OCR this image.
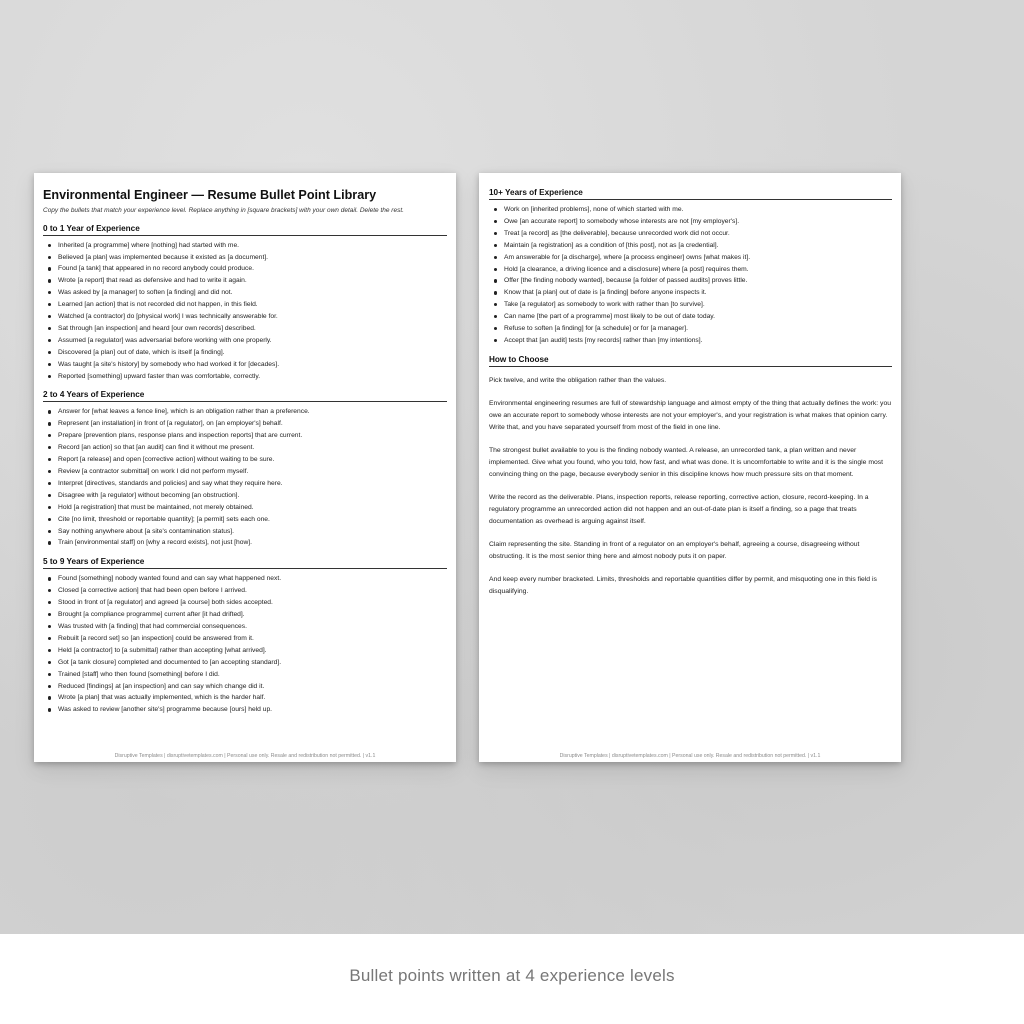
Environmental Engineer — Resume Bullet Point Library
Copy the bullets that match your experience level. Replace anything in [square brackets] with your own detail. Delete the rest.
0 to 1 Year of Experience
Inherited [a programme] where [nothing] had started with me.
Believed [a plan] was implemented because it existed as [a document].
Found [a tank] that appeared in no record anybody could produce.
Wrote [a report] that read as defensive and had to write it again.
Was asked by [a manager] to soften [a finding] and did not.
Learned [an action] that is not recorded did not happen, in this field.
Watched [a contractor] do [physical work] I was technically answerable for.
Sat through [an inspection] and heard [our own records] described.
Assumed [a regulator] was adversarial before working with one properly.
Discovered [a plan] out of date, which is itself [a finding].
Was taught [a site's history] by somebody who had worked it for [decades].
Reported [something] upward faster than was comfortable, correctly.
2 to 4 Years of Experience
Answer for [what leaves a fence line], which is an obligation rather than a preference.
Represent [an installation] in front of [a regulator], on [an employer's] behalf.
Prepare [prevention plans, response plans and inspection reports] that are current.
Record [an action] so that [an audit] can find it without me present.
Report [a release] and open [corrective action] without waiting to be sure.
Review [a contractor submittal] on work I did not perform myself.
Interpret [directives, standards and policies] and say what they require here.
Disagree with [a regulator] without becoming [an obstruction].
Hold [a registration] that must be maintained, not merely obtained.
Cite [no limit, threshold or reportable quantity]; [a permit] sets each one.
Say nothing anywhere about [a site's contamination status].
Train [environmental staff] on [why a record exists], not just [how].
5 to 9 Years of Experience
Found [something] nobody wanted found and can say what happened next.
Closed [a corrective action] that had been open before I arrived.
Stood in front of [a regulator] and agreed [a course] both sides accepted.
Brought [a compliance programme] current after [it had drifted].
Was trusted with [a finding] that had commercial consequences.
Rebuilt [a record set] so [an inspection] could be answered from it.
Held [a contractor] to [a submittal] rather than accepting [what arrived].
Got [a tank closure] completed and documented to [an accepting standard].
Trained [staff] who then found [something] before I did.
Reduced [findings] at [an inspection] and can say which change did it.
Wrote [a plan] that was actually implemented, which is the harder half.
Was asked to review [another site's] programme because [ours] held up.
Disruptive Templates | disruptivetemplates.com | Personal use only. Resale and redistribution not permitted. | v1.1
10+ Years of Experience
Work on [inherited problems], none of which started with me.
Owe [an accurate report] to somebody whose interests are not [my employer's].
Treat [a record] as [the deliverable], because unrecorded work did not occur.
Maintain [a registration] as a condition of [this post], not as [a credential].
Am answerable for [a discharge], where [a process engineer] owns [what makes it].
Hold [a clearance, a driving licence and a disclosure] where [a post] requires them.
Offer [the finding nobody wanted], because [a folder of passed audits] proves little.
Know that [a plan] out of date is [a finding] before anyone inspects it.
Take [a regulator] as somebody to work with rather than [to survive].
Can name [the part of a programme] most likely to be out of date today.
Refuse to soften [a finding] for [a schedule] or for [a manager].
Accept that [an audit] tests [my records] rather than [my intentions].
How to Choose

Pick twelve, and write the obligation rather than the values.

Environmental engineering resumes are full of stewardship language and almost empty of the thing that actually defines the work: you owe an accurate report to somebody whose interests are not your employer's, and your registration is what makes that opinion carry. Write that, and you have separated yourself from most of the field in one line.

The strongest bullet available to you is the finding nobody wanted. A release, an unrecorded tank, a plan written and never implemented. Give what you found, who you told, how fast, and what was done. It is uncomfortable to write and it is the single most convincing thing on the page, because everybody senior in this discipline knows how much pressure sits on that moment.

Write the record as the deliverable. Plans, inspection reports, release reporting, corrective action, closure, record-keeping. In a regulatory programme an unrecorded action did not happen and an out-of-date plan is itself a finding, so a page that treats documentation as overhead is arguing against itself.

Claim representing the site. Standing in front of a regulator on an employer's behalf, agreeing a course, disagreeing without obstructing. It is the most senior thing here and almost nobody puts it on paper.

And keep every number bracketed. Limits, thresholds and reportable quantities differ by permit, and misquoting one in this field is disqualifying.

Disruptive Templates | disruptivetemplates.com | Personal use only. Resale and redistribution not permitted. | v1.1
Bullet points written at 4 experience levels
